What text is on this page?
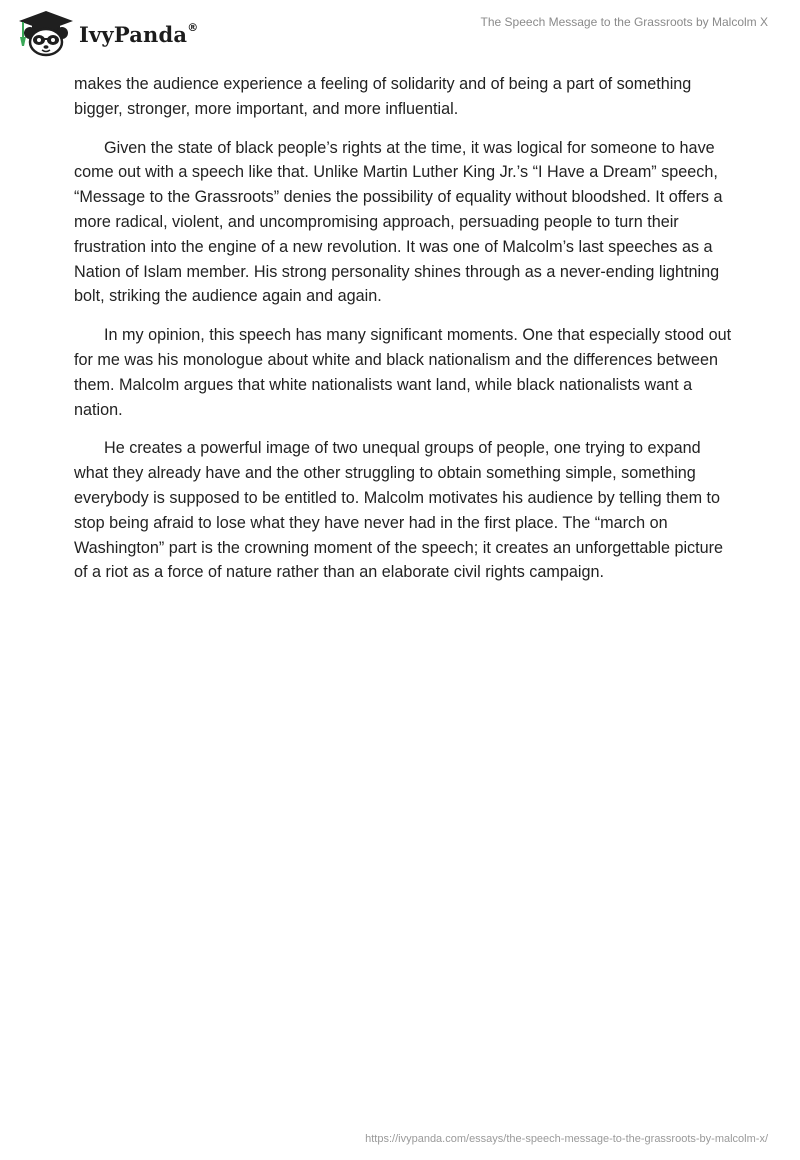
IvyPanda®	The Speech Message to the Grassroots by Malcolm X

makes the audience experience a feeling of solidarity and of being a part of something bigger, stronger, more important, and more influential.

Given the state of black people’s rights at the time, it was logical for someone to have come out with a speech like that. Unlike Martin Luther King Jr.’s “I Have a Dream” speech, “Message to the Grassroots” denies the possibility of equality without bloodshed. It offers a more radical, violent, and uncompromising approach, persuading people to turn their frustration into the engine of a new revolution. It was one of Malcolm’s last speeches as a Nation of Islam member. His strong personality shines through as a never-ending lightning bolt, striking the audience again and again.

In my opinion, this speech has many significant moments. One that especially stood out for me was his monologue about white and black nationalism and the differences between them. Malcolm argues that white nationalists want land, while black nationalists want a nation.

He creates a powerful image of two unequal groups of people, one trying to expand what they already have and the other struggling to obtain something simple, something everybody is supposed to be entitled to. Malcolm motivates his audience by telling them to stop being afraid to lose what they have never had in the first place. The “march on Washington” part is the crowning moment of the speech; it creates an unforgettable picture of a riot as a force of nature rather than an elaborate civil rights campaign.

https://ivypanda.com/essays/the-speech-message-to-the-grassroots-by-malcolm-x/
